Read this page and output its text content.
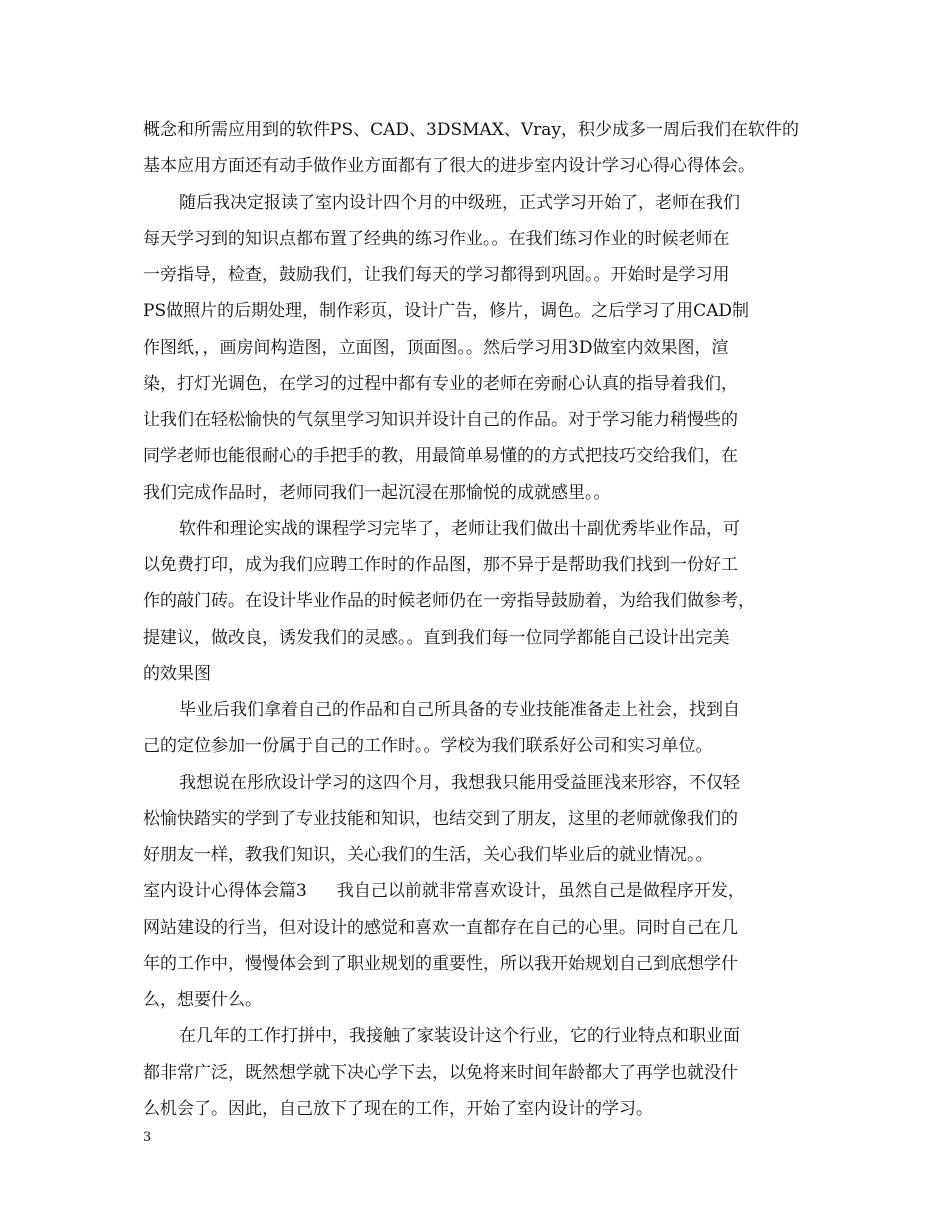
概念和所需应用到的软件PS、CAD、3DSMAX、Vray，积少成多一周后我们在软件的
基本应用方面还有动手做作业方面都有了很大的进步室内设计学习心得心得体会。
随后我决定报读了室内设计四个月的中级班，正式学习开始了，老师在我们
每天学习到的知识点都布置了经典的练习作业。。在我们练习作业的时候老师在
一旁指导，检查，鼓励我们，让我们每天的学习都得到巩固。。开始时是学习用
PS做照片的后期处理，制作彩页，设计广告，修片，调色。之后学习了用CAD制
作图纸，，画房间构造图，立面图，顶面图。。然后学习用3D做室内效果图，渲
染，打灯光调色，在学习的过程中都有专业的老师在旁耐心认真的指导着我们，
让我们在轻松愉快的气氛里学习知识并设计自己的作品。对于学习能力稍慢些的
同学老师也能很耐心的手把手的教，用最简单易懂的的方式把技巧交给我们，在
我们完成作品时，老师同我们一起沉浸在那愉悦的成就感里。。
软件和理论实战的课程学习完毕了，老师让我们做出十副优秀毕业作品，可
以免费打印，成为我们应聘工作时的作品图，那不异于是帮助我们找到一份好工
作的敲门砖。在设计毕业作品的时候老师仍在一旁指导鼓励着，为给我们做参考，
提建议，做改良，诱发我们的灵感。。直到我们每一位同学都能自己设计出完美
的效果图
毕业后我们拿着自己的作品和自己所具备的专业技能准备走上社会，找到自
己的定位参加一份属于自己的工作时。。学校为我们联系好公司和实习单位。
我想说在彤欣设计学习的这四个月，我想我只能用受益匪浅来形容，不仅轻
松愉快踏实的学到了专业技能和知识，也结交到了朋友，这里的老师就像我们的
好朋友一样，教我们知识，关心我们的生活，关心我们毕业后的就业情况。。
室内设计心得体会篇3 我自己以前就非常喜欢设计，虽然自己是做程序开发，
网站建设的行当，但对设计的感觉和喜欢一直都存在自己的心里。同时自己在几
年的工作中，慢慢体会到了职业规划的重要性，所以我开始规划自己到底想学什
么，想要什么。
在几年的工作打拼中，我接触了家装设计这个行业，它的行业特点和职业面
都非常广泛，既然想学就下决心学下去，以免将来时间年龄都大了再学也就没什
么机会了。因此，自己放下了现在的工作，开始了室内设计的学习。
3
